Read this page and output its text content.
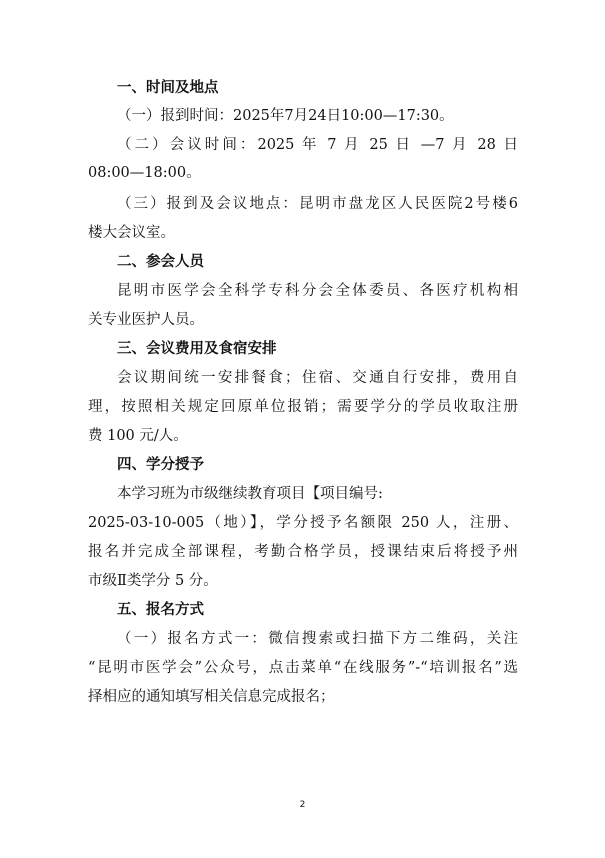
一、时间及地点
（一）报到时间：2025年7月24日10:00—17:30。
（二）会议时间：2025 年 7 月 25 日 —7 月 28 日
08:00—18:00。
（三）报到及会议地点：昆明市盘龙区人民医院2号楼6
楼大会议室。
二、参会人员
昆明市医学会全科学专科分会全体委员、各医疗机构相
关专业医护人员。
三、会议费用及食宿安排
会议期间统一安排餐食；住宿、交通自行安排，费用自
理，按照相关规定回原单位报销；需要学分的学员收取注册
费 100 元/人。
四、学分授予
本学习班为市级继续教育项目【项目编号:
2025-03-10-005（地）】，学分授予名额限 250 人，注册、
报名并完成全部课程，考勤合格学员，授课结束后将授予州
市级Ⅱ类学分 5 分。
五、报名方式
（一）报名方式一：微信搜索或扫描下方二维码，关注
“昆明市医学会”公众号，点击菜单“在线服务”-“培训报名”选
择相应的通知填写相关信息完成报名；
2
